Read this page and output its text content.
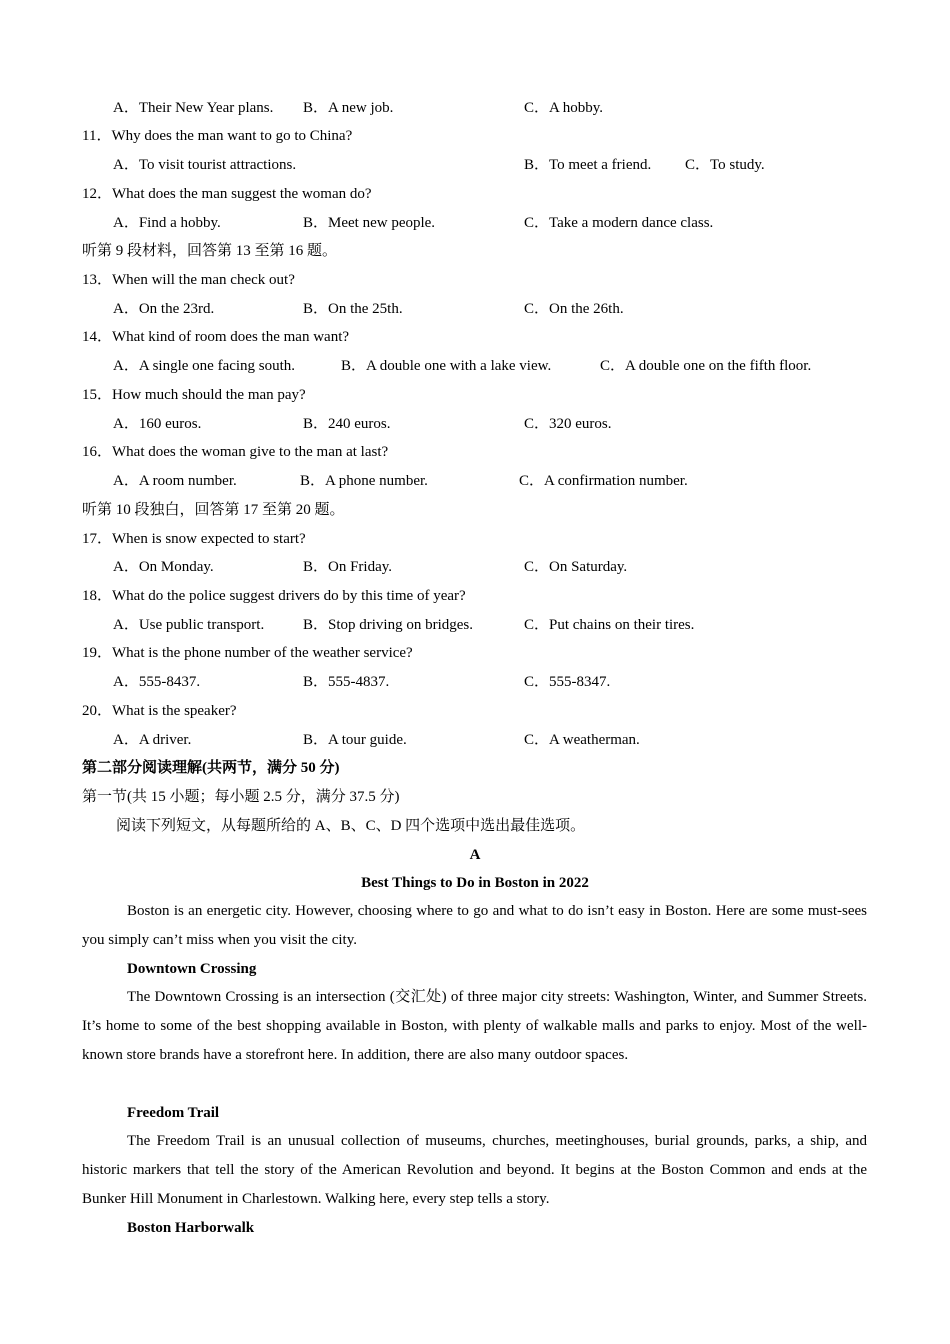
A．Their New Year plans. B．A new job.	C．A hobby.
11．Why does the man want to go to China?
A．To visit tourist attractions.	B．To meet a friend. C．To study.
12．What does the man suggest the woman do?
A．Find a hobby.	B．Meet new people.	C．Take a modern dance class.
听第 9 段材料，回答第 13 至第 16 题。
13．When will the man check out?
A．On the 23rd.	B．On the 25th.	C．On the 26th.
14．What kind of room does the man want?
A．A single one facing south.	B．A double one with a lake view.	C．A double one on the fifth floor.
15．How much should the man pay?
A．160 euros.	B．240 euros.	C．320 euros.
16．What does the woman give to the man at last?
A．A room number.	B．A phone number.	C．A confirmation number.
听第 10 段独白，回答第 17 至第 20 题。
17．When is snow expected to start?
A．On Monday.	B．On Friday.	C．On Saturday.
18．What do the police suggest drivers do by this time of year?
A．Use public transport.	B．Stop driving on bridges.	C．Put chains on their tires.
19．What is the phone number of the weather service?
A．555-8437.	B．555-4837.	C．555-8347.
20．What is the speaker?
A．A driver.	B．A tour guide.	C．A weatherman.
第二部分阅读理解(共两节，满分 50 分)
第一节(共 15 小题；每小题 2.5 分，满分 37.5 分)
阅读下列短文，从每题所给的 A、B、C、D 四个选项中选出最佳选项。
A
Best Things to Do in Boston in 2022
Boston is an energetic city. However, choosing where to go and what to do isn’t easy in Boston. Here are some must-sees you simply can’t miss when you visit the city.
Downtown Crossing
The Downtown Crossing is an intersection (交汇处) of three major city streets: Washington, Winter, and Summer Streets. It’s home to some of the best shopping available in Boston, with plenty of walkable malls and parks to enjoy. Most of the well-known store brands have a storefront here. In addition, there are also many outdoor spaces.
Freedom Trail
The Freedom Trail is an unusual collection of museums, churches, meetinghouses, burial grounds, parks, a ship, and historic markers that tell the story of the American Revolution and beyond. It begins at the Boston Common and ends at the Bunker Hill Monument in Charlestown. Walking here, every step tells a story.
Boston Harborwalk
